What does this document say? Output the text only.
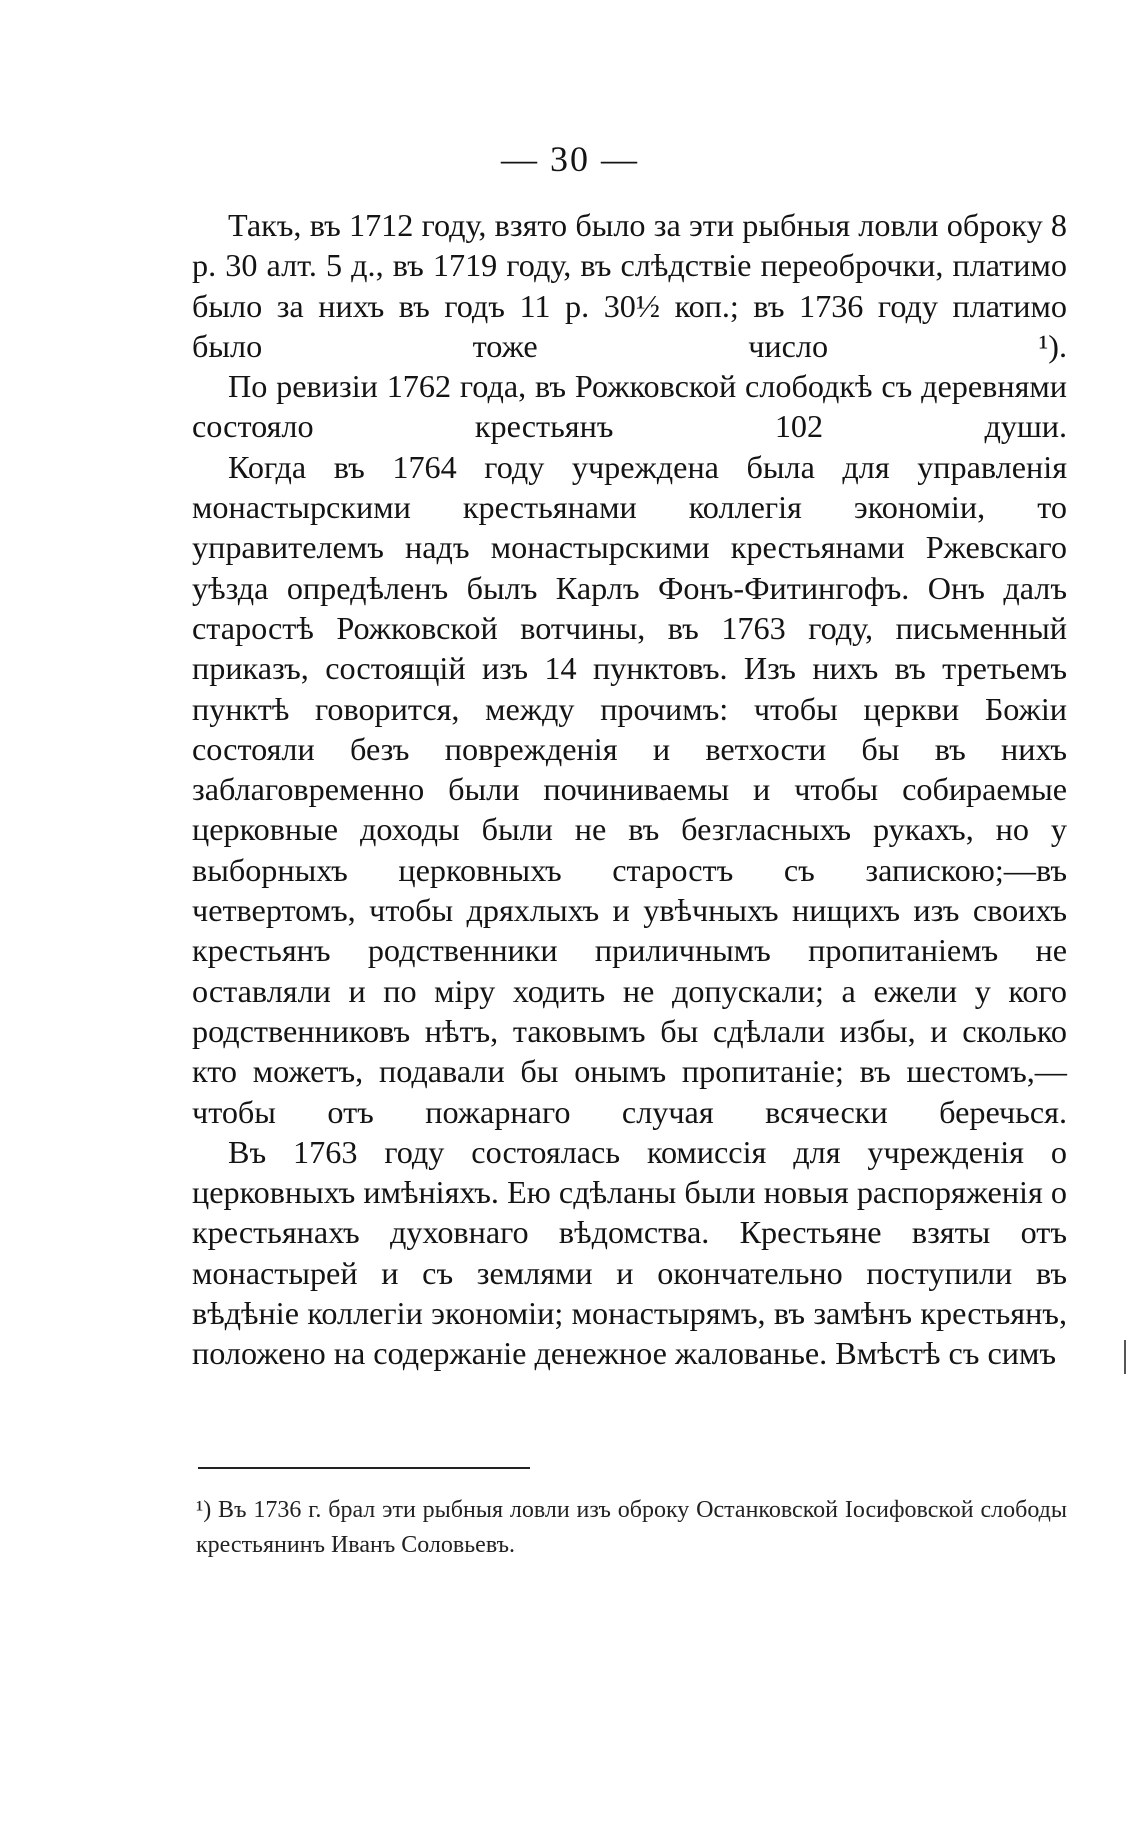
— 30 —

Такъ, въ 1712 году, взято было за эти рыбныя ловли оброку 8 р. 30 алт. 5 д., въ 1719 году, въ слѣдствіе переоброчки, платимо было за нихъ въ годъ 11 р. 30½ коп.; въ 1736 году платимо было тоже число ¹).

По ревизіи 1762 года, въ Рожковской слободкѣ съ деревнями состояло крестьянъ 102 души.

Когда въ 1764 году учреждена была для управленія монастырскими крестьянами коллегія экономіи, то управителемъ надъ монастырскими крестьянами Ржевскаго уѣзда опредѣленъ былъ Карлъ Фонъ-Фитингофъ. Онъ далъ старостѣ Рожковской вотчины, въ 1763 году, письменный приказъ, состоящій изъ 14 пунктовъ. Изъ нихъ въ третьемъ пунктѣ говорится, между прочимъ: чтобы церкви Божіи состояли безъ поврежденія и ветхости бы въ нихъ заблаговременно были починиваемы и чтобы собираемые церковные доходы были не въ безгласныхъ рукахъ, но у выборныхъ церковныхъ старостъ съ запискою;—въ четвертомъ, чтобы дряхлыхъ и увѣчныхъ нищихъ изъ своихъ крестьянъ родственники приличнымъ пропитаніемъ не оставляли и по міру ходить не допускали; а ежели у кого родственниковъ нѣтъ, таковымъ бы сдѣлали избы, и сколько кто можетъ, подавали бы онымъ пропитаніе; въ шестомъ,—чтобы отъ пожарнаго случая всячески беречься.

Въ 1763 году состоялась комиссія для учрежденія о церковныхъ имѣніяхъ. Ею сдѣланы были новыя распоряженія о крестьянахъ духовнаго вѣдомства. Крестьяне взяты отъ монастырей и съ землями и окончательно поступили въ вѣдѣніе коллегіи экономіи; монастырямъ, въ замѣнъ крестьянъ, положено на содержаніе денежное жалованье. Вмѣстѣ съ симъ

¹) Въ 1736 г. брал эти рыбныя ловли изъ оброку Останковской Іосифовской слободы крестьянинъ Иванъ Соловьевъ.
